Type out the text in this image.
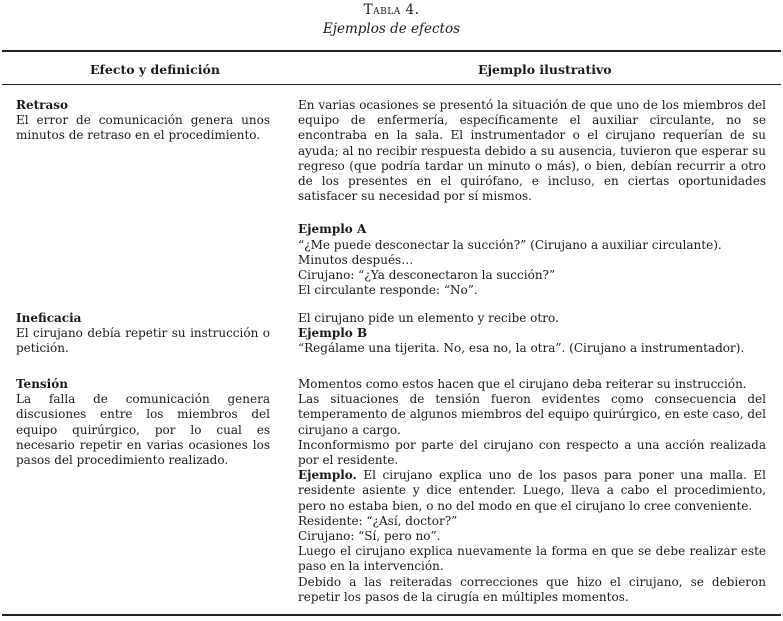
Tabla 4.
Ejemplos de efectos
Efecto y definición	Ejemplo ilustrativo

Retraso

El error de comunicación genera unos minutos de retraso en el procedimiento.

En varias ocasiones se presentó la situación de que uno de los miembros del equipo de enfermería, específicamente el auxiliar circulante, no se encontraba en la sala. El instrumentador o el cirujano requerían de su ayuda; al no recibir respuesta debido a su ausencia, tuvieron que esperar su regreso (que podría tardar un minuto o más), o bien, debían recurrir a otro de los presentes en el quirófano, e incluso, en ciertas oportunidades satisfacer su necesidad por sí mismos.

Ejemplo A

“¿Me puede desconectar la succión?” (Cirujano a auxiliar circulante).

Minutos después…

Cirujano: “¿Ya desconectaron la succión?”

El circulante responde: “No”.

Ineficacia

El cirujano debía repetir su instrucción o petición.

El cirujano pide un elemento y recibe otro.

Ejemplo B

“Regálame una tijerita. No, esa no, la otra”. (Cirujano a instrumentador).

Tensión

La falla de comunicación genera discusiones entre los miembros del equipo quirúrgico, por lo cual es necesario repetir en varias ocasiones los pasos del procedimiento realizado.

Momentos como estos hacen que el cirujano deba reiterar su instrucción.

Las situaciones de tensión fueron evidentes como consecuencia del temperamento de algunos miembros del equipo quirúrgico, en este caso, del cirujano a cargo.

Inconformismo por parte del cirujano con respecto a una acción realizada por el residente.

Ejemplo. El cirujano explica uno de los pasos para poner una malla. El residente asiente y dice entender. Luego, lleva a cabo el procedimiento, pero no estaba bien, o no del modo en que el cirujano lo cree conveniente.

Residente: “¿Así, doctor?”

Cirujano: “Sí, pero no”.

Luego el cirujano explica nuevamente la forma en que se debe realizar este paso en la intervención.

Debido a las reiteradas correcciones que hizo el cirujano, se debieron repetir los pasos de la cirugía en múltiples momentos.
